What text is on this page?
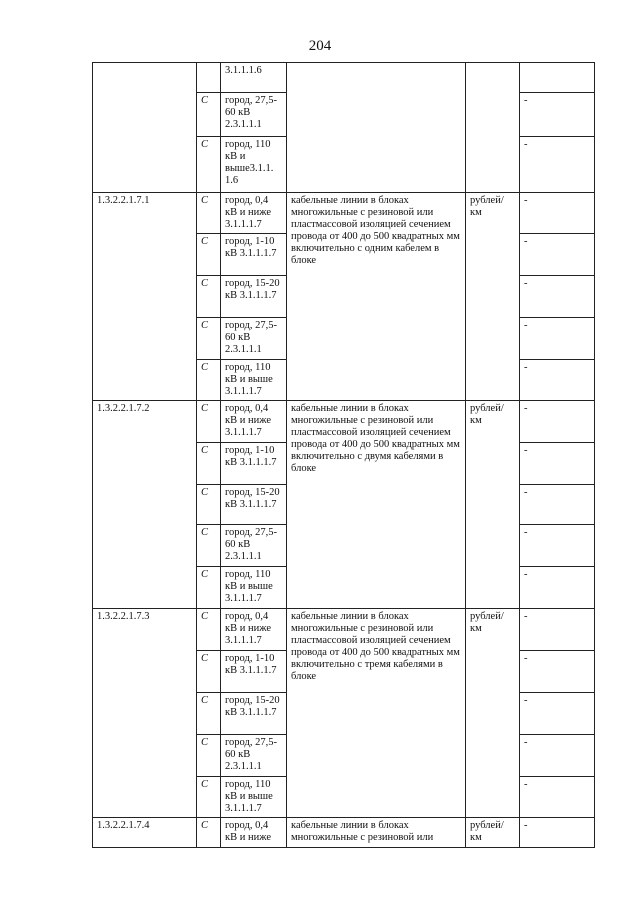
204
		3.1.1.1.6			
	С	город, 27,5-60 кВ 2.3.1.1.1			-
	С	город, 110 кВ и выше3.1.1. 1.6			-
1.3.2.2.1.7.1	С	город, 0,4 кВ и ниже 3.1.1.1.7	кабельные линии в блоках многожильные с резиновой или пластмассовой изоляцией сечением провода от 400 до 500 квадратных мм включительно с одним кабелем в блоке	рублей/ км	-
	С	город, 1-10 кВ 3.1.1.1.7			-
	С	город, 15-20 кВ 3.1.1.1.7			-
	С	город, 27,5-60 кВ 2.3.1.1.1			-
	С	город, 110 кВ и выше 3.1.1.1.7			-
1.3.2.2.1.7.2	С	город, 0,4 кВ и ниже 3.1.1.1.7	кабельные линии в блоках многожильные с резиновой или пластмассовой изоляцией сечением провода от 400 до 500 квадратных мм включительно с двумя кабелями в блоке	рублей/ км	-
	С	город, 1-10 кВ 3.1.1.1.7			-
	С	город, 15-20 кВ 3.1.1.1.7			-
	С	город, 27,5-60 кВ 2.3.1.1.1			-
	С	город, 110 кВ и выше 3.1.1.1.7			-
1.3.2.2.1.7.3	С	город, 0,4 кВ и ниже 3.1.1.1.7	кабельные линии в блоках многожильные с резиновой или пластмассовой изоляцией сечением провода от 400 до 500 квадратных мм включительно с тремя кабелями в блоке	рублей/ км	-
	С	город, 1-10 кВ 3.1.1.1.7			-
	С	город, 15-20 кВ 3.1.1.1.7			-
	С	город, 27,5-60 кВ 2.3.1.1.1			-
	С	город, 110 кВ и выше 3.1.1.1.7			-
1.3.2.2.1.7.4	С	город, 0,4 кВ и ниже	кабельные линии в блоках многожильные с резиновой или	рублей/ км	-
